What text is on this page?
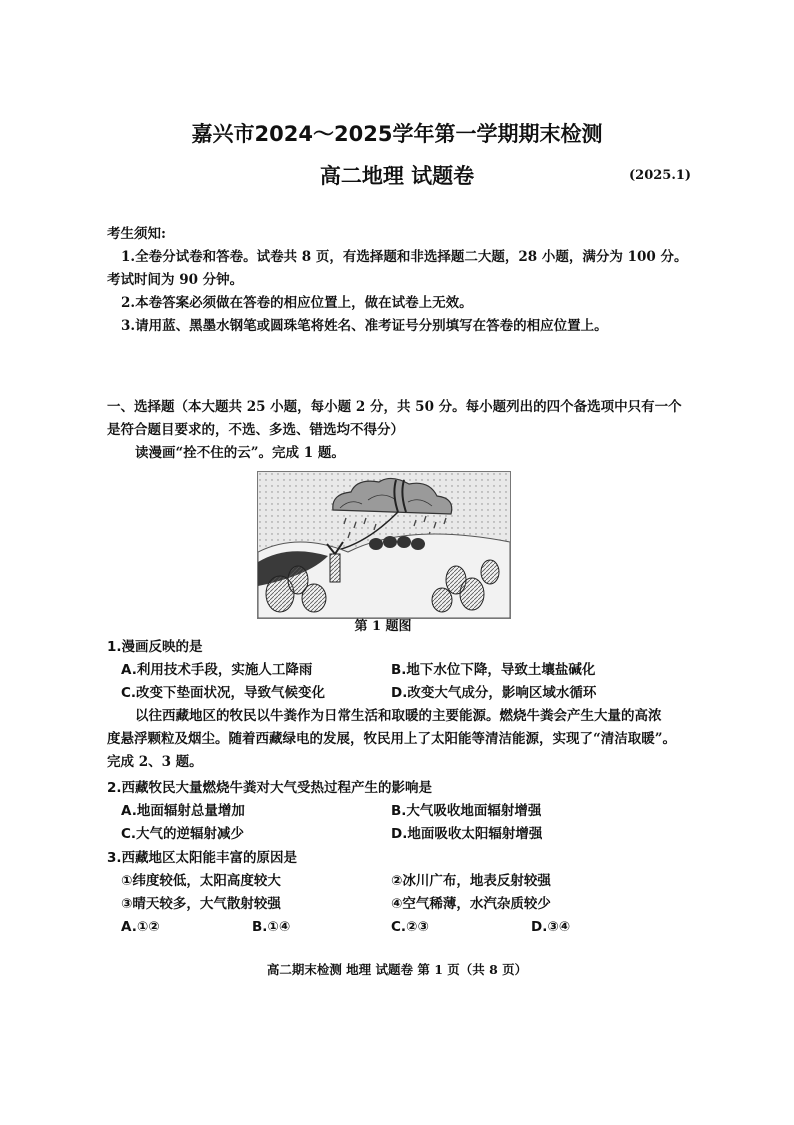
嘉兴市2024～2025学年第一学期期末检测
高二地理 试题卷	(2025.1)
考生须知:
1.全卷分试卷和答卷。试卷共 8 页，有选择题和非选择题二大题，28 小题，满分为 100 分。
考试时间为 90 分钟。
2.本卷答案必须做在答卷的相应位置上，做在试卷上无效。
3.请用蓝、黑墨水钢笔或圆珠笔将姓名、准考证号分别填写在答卷的相应位置上。
一、选择题（本大题共 25 小题，每小题 2 分，共 50 分。每小题列出的四个备选项中只有一个
是符合题目要求的，不选、多选、错选均不得分）
读漫画“拴不住的云”。完成 1 题。
第 1 题图
1.漫画反映的是
A.利用技术手段，实施人工降雨	B.地下水位下降，导致土壤盐碱化
C.改变下垫面状况，导致气候变化	D.改变大气成分，影响区域水循环
以往西藏地区的牧民以牛粪作为日常生活和取暖的主要能源。燃烧牛粪会产生大量的高浓
度悬浮颗粒及烟尘。随着西藏绿电的发展，牧民用上了太阳能等清洁能源，实现了“清洁取暖”。
完成 2、3 题。
2.西藏牧民大量燃烧牛粪对大气受热过程产生的影响是
A.地面辐射总量增加	B.大气吸收地面辐射增强
C.大气的逆辐射减少	D.地面吸收太阳辐射增强
3.西藏地区太阳能丰富的原因是
①纬度较低，太阳高度较大	②冰川广布，地表反射较强
③晴天较多，大气散射较强	④空气稀薄，水汽杂质较少
A.①②	B.①④	C.②③	D.③④
高二期末检测 地理 试题卷 第 1 页（共 8 页）
